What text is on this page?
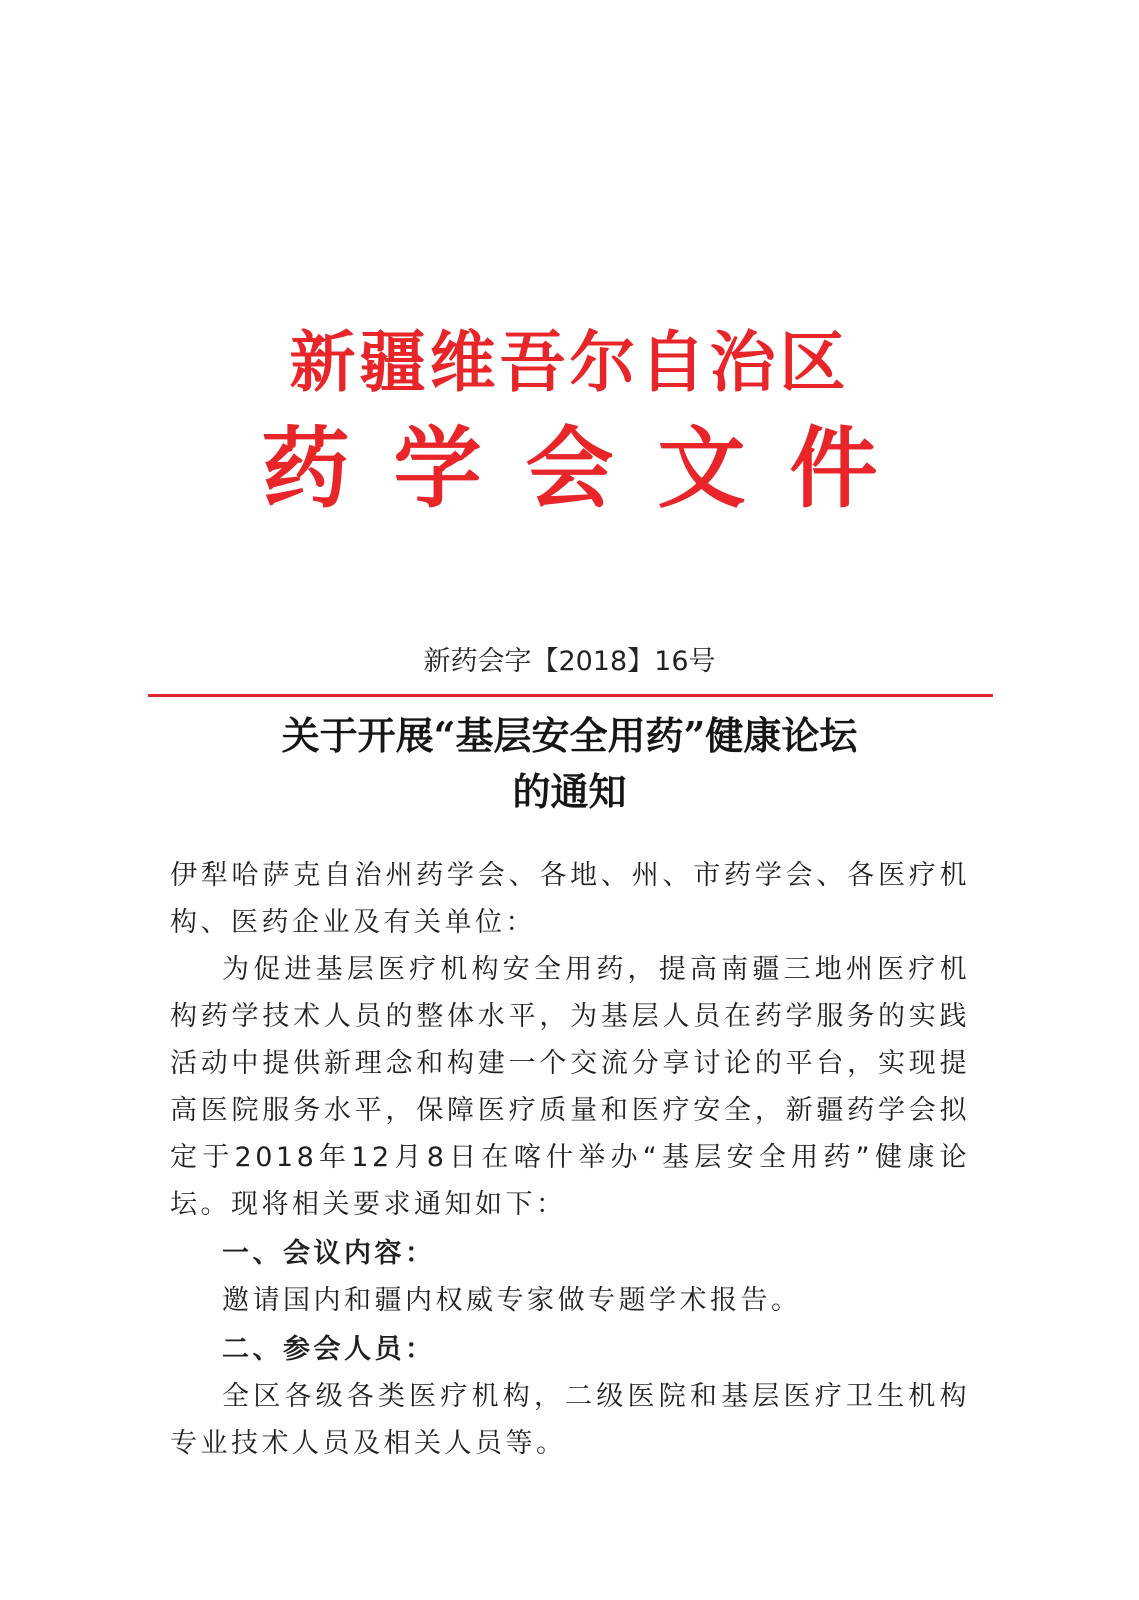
新疆维吾尔自治区
药学会文件
新药会字【2018】16号
关于开展“基层安全用药”健康论坛
的通知

伊犁哈萨克自治州药学会、各地、州、市药学会、各医疗机构、医药企业及有关单位：

为促进基层医疗机构安全用药，提高南疆三地州医疗机构药学技术人员的整体水平，为基层人员在药学服务的实践活动中提供新理念和构建一个交流分享讨论的平台，实现提高医院服务水平，保障医疗质量和医疗安全，新疆药学会拟定于2018年12月8日在喀什举办“基层安全用药”健康论坛。现将相关要求通知如下：

一、会议内容：

邀请国内和疆内权威专家做专题学术报告。

二、参会人员：

全区各级各类医疗机构，二级医院和基层医疗卫生机构专业技术人员及相关人员等。
